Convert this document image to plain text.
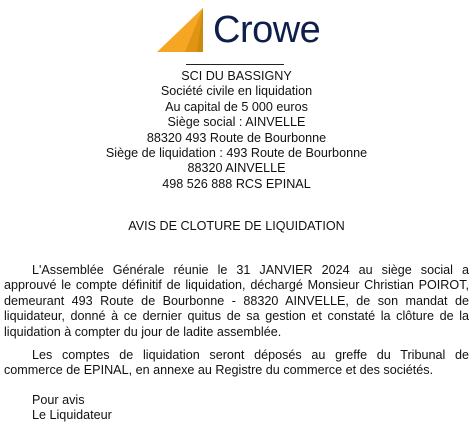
Crowe
SCI DU BASSIGNY
Société civile en liquidation
Au capital de 5 000 euros
Siège social : AINVELLE
88320 493 Route de Bourbonne
Siège de liquidation : 493 Route de Bourbonne
88320 AINVELLE
498 526 888 RCS EPINAL
AVIS DE CLOTURE DE LIQUIDATION
L'Assemblée Générale réunie le 31 JANVIER 2024 au siège social a approuvé le compte définitif de liquidation, déchargé Monsieur Christian POIROT, demeurant 493 Route de Bourbonne - 88320 AINVELLE, de son mandat de liquidateur, donné à ce dernier quitus de sa gestion et constaté la clôture de la liquidation à compter du jour de ladite assemblée.
Les comptes de liquidation seront déposés au greffe du Tribunal de commerce de EPINAL, en annexe au Registre du commerce et des sociétés.
Pour avis
Le Liquidateur
